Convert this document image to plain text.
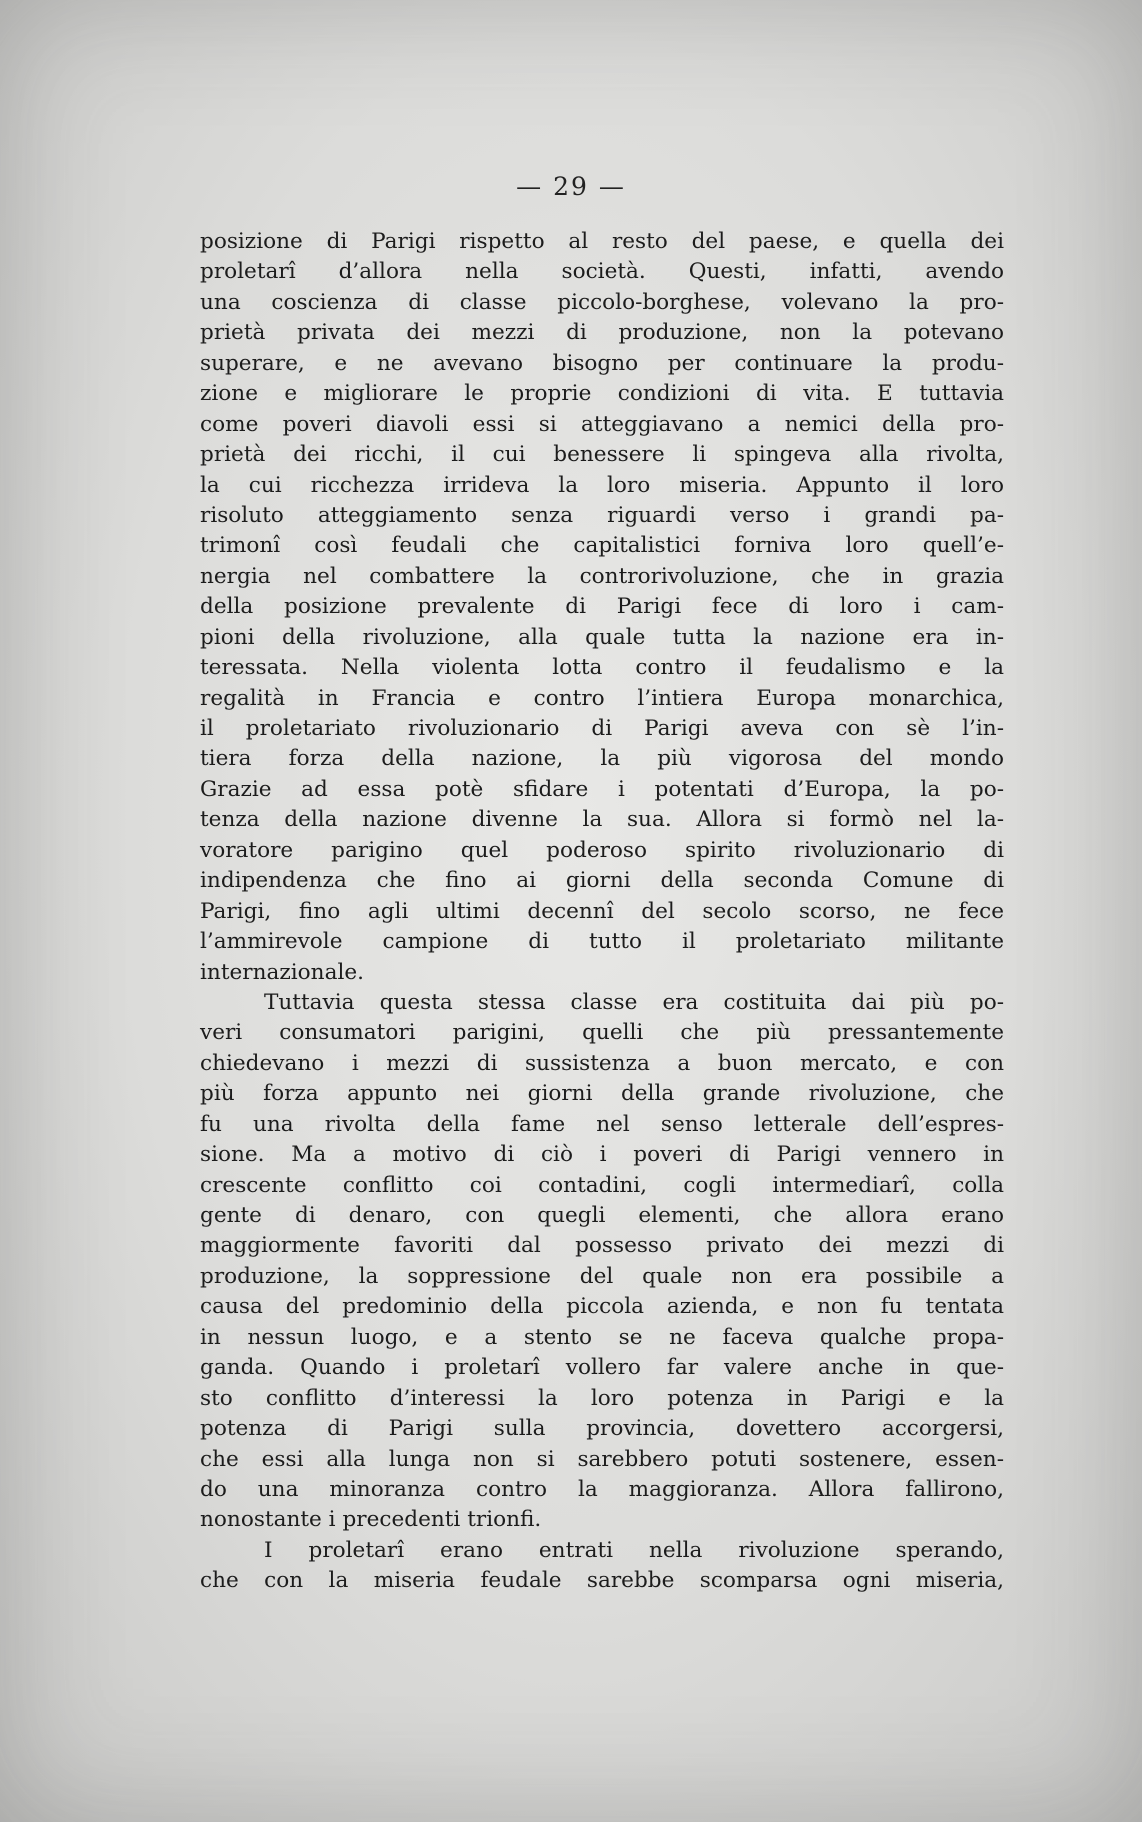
— 29 —
posizione di Parigi rispetto al resto del paese, e quella dei
proletarî d’allora nella società. Questi, infatti, avendo
una coscienza di classe piccolo-borghese, volevano la pro-
prietà privata dei mezzi di produzione, non la potevano
superare, e ne avevano bisogno per continuare la produ-
zione e migliorare le proprie condizioni di vita. E tuttavia
come poveri diavoli essi si atteggiavano a nemici della pro-
prietà dei ricchi, il cui benessere li spingeva alla rivolta,
la cui ricchezza irrideva la loro miseria. Appunto il loro
risoluto atteggiamento senza riguardi verso i grandi pa-
trimonî così feudali che capitalistici forniva loro quell’e-
nergia nel combattere la controrivoluzione, che in grazia
della posizione prevalente di Parigi fece di loro i cam-
pioni della rivoluzione, alla quale tutta la nazione era in-
teressata. Nella violenta lotta contro il feudalismo e la
regalità in Francia e contro l’intiera Europa monarchica,
il proletariato rivoluzionario di Parigi aveva con sè l’in-
tiera forza della nazione, la più vigorosa del mondo
Grazie ad essa potè sfidare i potentati d’Europa, la po-
tenza della nazione divenne la sua. Allora si formò nel la-
voratore parigino quel poderoso spirito rivoluzionario di
indipendenza che fino ai giorni della seconda Comune di
Parigi, fino agli ultimi decennî del secolo scorso, ne fece
l’ammirevole campione di tutto il proletariato militante
internazionale.
Tuttavia questa stessa classe era costituita dai più po-
veri consumatori parigini, quelli che più pressantemente
chiedevano i mezzi di sussistenza a buon mercato, e con
più forza appunto nei giorni della grande rivoluzione, che
fu una rivolta della fame nel senso letterale dell’espres-
sione. Ma a motivo di ciò i poveri di Parigi vennero in
crescente conflitto coi contadini, cogli intermediarî, colla
gente di denaro, con quegli elementi, che allora erano
maggiormente favoriti dal possesso privato dei mezzi di
produzione, la soppressione del quale non era possibile a
causa del predominio della piccola azienda, e non fu tentata
in nessun luogo, e a stento se ne faceva qualche propa-
ganda. Quando i proletarî vollero far valere anche in que-
sto conflitto d’interessi la loro potenza in Parigi e la
potenza di Parigi sulla provincia, dovettero accorgersi,
che essi alla lunga non si sarebbero potuti sostenere, essen-
do una minoranza contro la maggioranza. Allora fallirono,
nonostante i precedenti trionfi.
I proletarî erano entrati nella rivoluzione sperando,
che con la miseria feudale sarebbe scomparsa ogni miseria,
